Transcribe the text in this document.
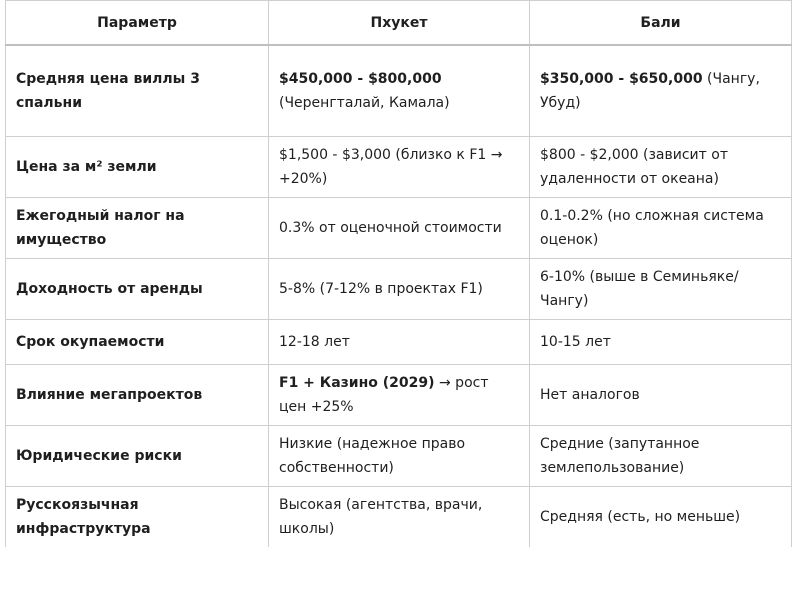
Параметр	Пхукет	Бали
Средняя цена виллы 3 спальни	$450,000 - $800,000 (Черенгталай, Камала)	$350,000 - $650,000 (Чангу, Убуд)
Цена за м² земли	$1,500 - $3,000 (близко к F1 → +20%)	$800 - $2,000 (зависит от удаленности от океана)
Ежегодный налог на имущество	0.3% от оценочной стоимости	0.1-0.2% (но сложная система оценок)
Доходность от аренды	5-8% (7-12% в проектах F1)	6-10% (выше в Семиньяке/Чангу)
Срок окупаемости	12-18 лет	10-15 лет
Влияние мегапроектов	F1 + Казино (2029) → рост цен +25%	Нет аналогов
Юридические риски	Низкие (надежное право собственности)	Средние (запутанное землепользование)
Русскоязычная инфраструктура	Высокая (агентства, врачи, школы)	Средняя (есть, но меньше)
